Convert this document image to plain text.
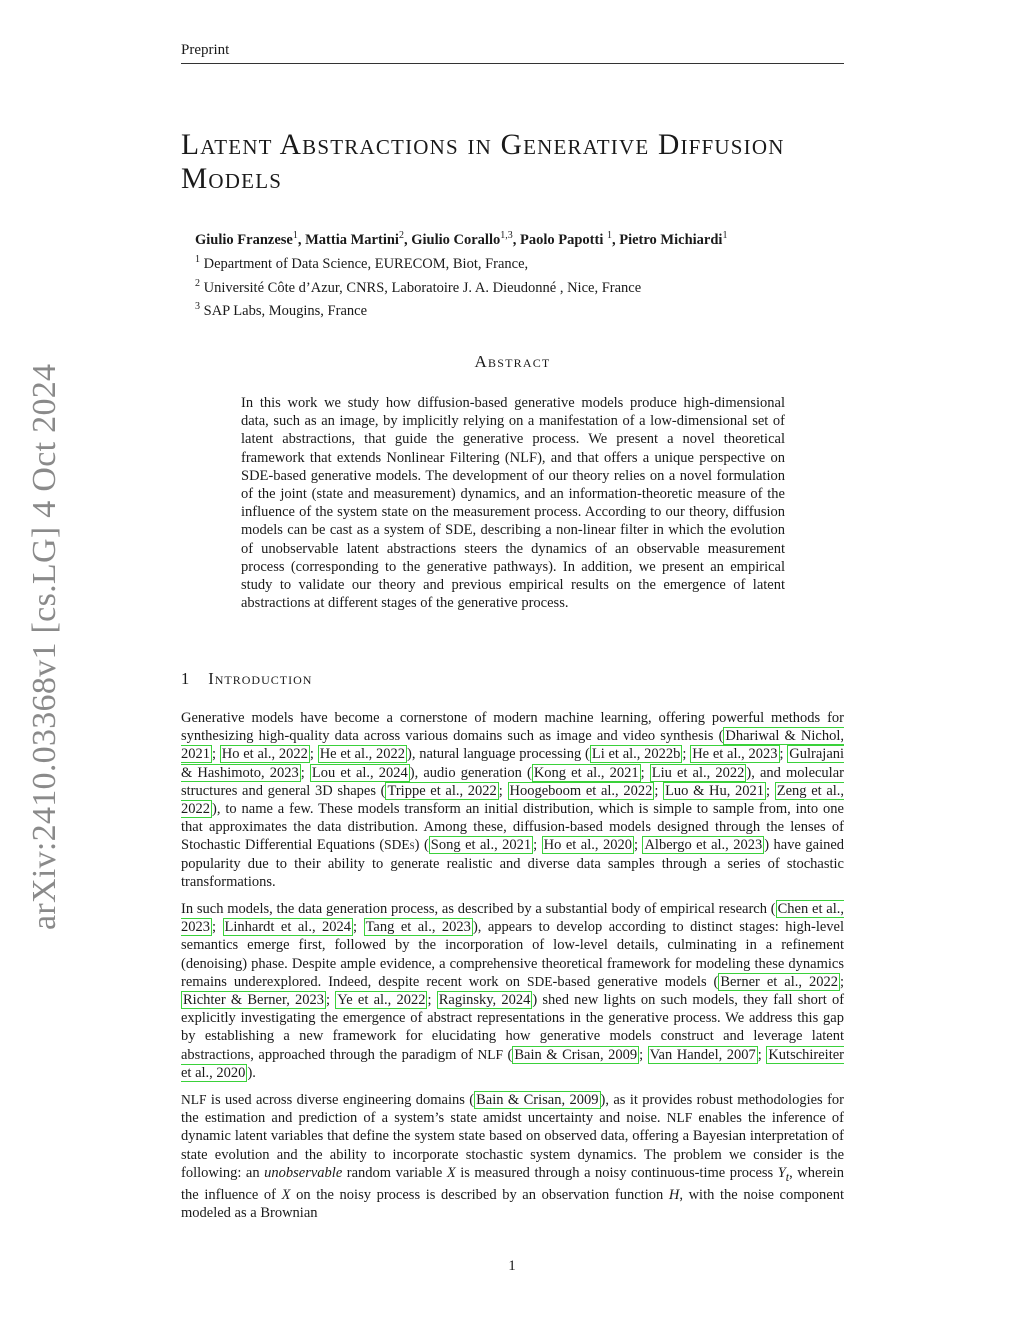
Preprint
arXiv:2410.03368v1 [cs.LG] 4 Oct 2024
Latent Abstractions in Generative Diffusion Models
Giulio Franzese$^1$, Mattia Martini$^2$, Giulio Corallo$^{1,3}$, Paolo Papotti $^1$, Pietro Michiardi$^1$

$^1$ Department of Data Science, EURECOM, Biot, France,

$^2$ Université Côte d’Azur, CNRS, Laboratoire J. A. Dieudonné , Nice, France

$^3$ SAP Labs, Mougins, France

Abstract

In this work we study how diffusion-based generative models produce high-dimensional data, such as an image, by implicitly relying on a manifestation of a low-dimensional set of latent abstractions, that guide the generative process. We present a novel theoretical framework that extends Nonlinear Filtering (NLF), and that offers a unique perspective on SDE-based generative models. The development of our theory relies on a novel formulation of the joint (state and measurement) dynamics, and an information-theoretic measure of the influence of the system state on the measurement process. According to our theory, diffusion models can be cast as a system of SDE, describing a non-linear filter in which the evolution of unobservable latent abstractions steers the dynamics of an observable measurement process (corresponding to the generative pathways). In addition, we present an empirical study to validate our theory and previous empirical results on the emergence of latent abstractions at different stages of the generative process.

1 Introduction

Generative models have become a cornerstone of modern machine learning, offering powerful methods for synthesizing high-quality data across various domains such as image and video synthesis ( Dhariwal & Nichol, 2021 ; Ho et al., 2022 ; He et al., 2022 ), natural language processing ( Li et al., 2022b ; He et al., 2023 ; Gulrajani & Hashimoto, 2023 ; Lou et al., 2024 ), audio generation ( Kong et al., 2021 ; Liu et al., 2022 ), and molecular structures and general 3D shapes ( Trippe et al., 2022 ; Hoogeboom et al., 2022 ; Luo & Hu, 2021 ; Zeng et al., 2022 ), to name a few. These models transform an initial distribution, which is simple to sample from, into one that approximates the data distribution. Among these, diffusion-based models designed through the lenses of Stochastic Differential Equations (SDEs) ( Song et al., 2021 ; Ho et al., 2020 ; Albergo et al., 2023 ) have gained popularity due to their ability to generate realistic and diverse data samples through a series of stochastic transformations.

In such models, the data generation process, as described by a substantial body of empirical research ( Chen et al., 2023 ; Linhardt et al., 2024 ; Tang et al., 2023 ), appears to develop according to distinct stages: high-level semantics emerge first, followed by the incorporation of low-level details, culminating in a refinement (denoising) phase. Despite ample evidence, a comprehensive theoretical framework for modeling these dynamics remains underexplored. Indeed, despite recent work on SDE-based generative models ( Berner et al., 2022 ; Richter & Berner, 2023 ; Ye et al., 2022 ; Raginsky, 2024 ) shed new lights on such models, they fall short of explicitly investigating the emergence of abstract representations in the generative process. We address this gap by establishing a new framework for elucidating how generative models construct and leverage latent abstractions, approached through the paradigm of NLF ( Bain & Crisan, 2009 ; Van Handel, 2007 ; Kutschireiter et al., 2020 ).

NLF is used across diverse engineering domains ( Bain & Crisan, 2009 ), as it provides robust methodologies for the estimation and prediction of a system’s state amidst uncertainty and noise. NLF enables the inference of dynamic latent variables that define the system state based on observed data, offering a Bayesian interpretation of state evolution and the ability to incorporate stochastic system dynamics. The problem we consider is the following: an unobservable random variable X is measured through a noisy continuous-time process $Y_t$, wherein the influence of X on the noisy process is described by an observation function H, with the noise component modeled as a Brownian

1
